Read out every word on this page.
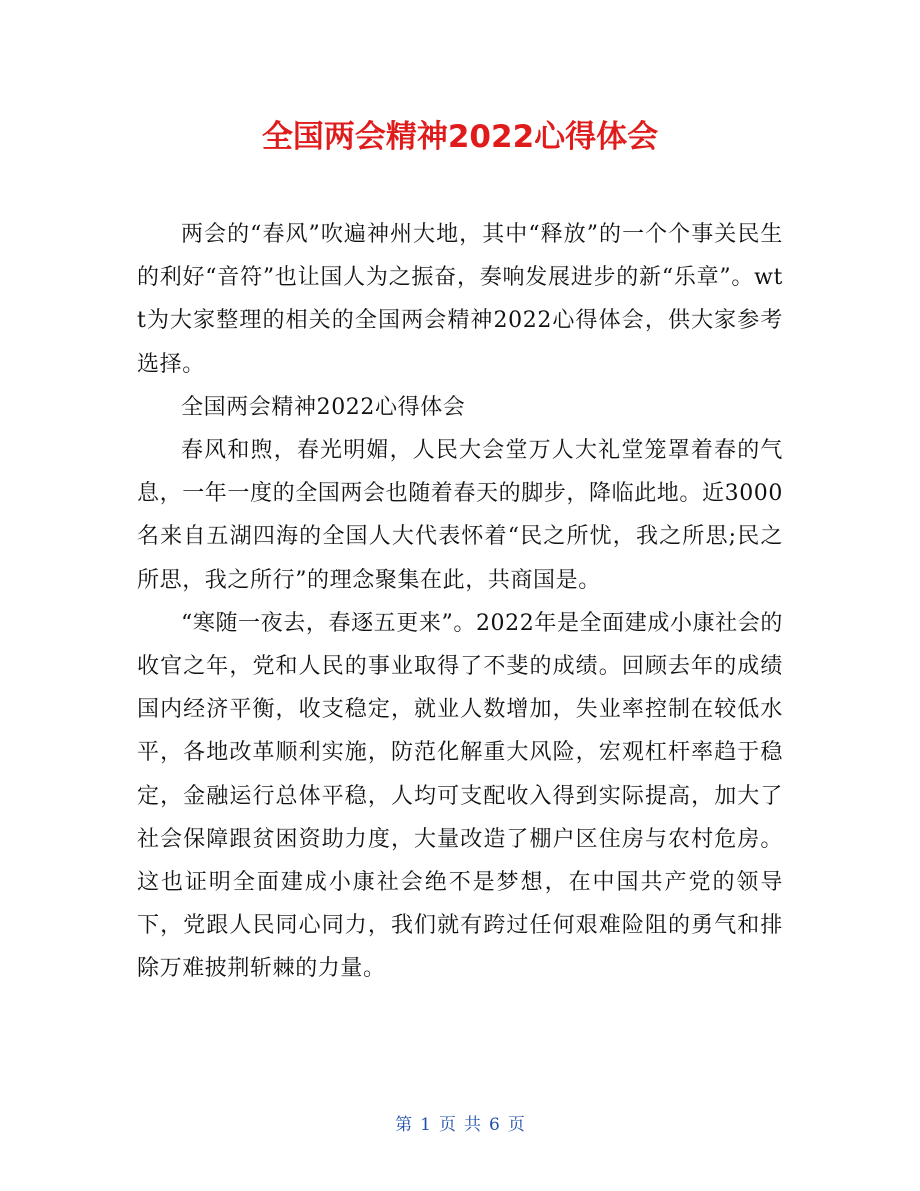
全国两会精神2022心得体会

两会的“春风”吹遍神州大地，其中“释放”的一个个事关民生的利好“音符”也让国人为之振奋，奏响发展进步的新“乐章”。wtt为大家整理的相关的全国两会精神2022心得体会，供大家参考选择。

全国两会精神2022心得体会

春风和煦，春光明媚，人民大会堂万人大礼堂笼罩着春的气息，一年一度的全国两会也随着春天的脚步，降临此地。近3000名来自五湖四海的全国人大代表怀着“民之所忧，我之所思;民之所思，我之所行”的理念聚集在此，共商国是。

“寒随一夜去，春逐五更来”。2022年是全面建成小康社会的收官之年，党和人民的事业取得了不斐的成绩。回顾去年的成绩国内经济平衡，收支稳定，就业人数增加，失业率控制在较低水平，各地改革顺利实施，防范化解重大风险，宏观杠杆率趋于稳定，金融运行总体平稳，人均可支配收入得到实际提高，加大了社会保障跟贫困资助力度，大量改造了棚户区住房与农村危房。这也证明全面建成小康社会绝不是梦想，在中国共产党的领导下，党跟人民同心同力，我们就有跨过任何艰难险阻的勇气和排除万难披荆斩棘的力量。

第 1 页 共 6 页
